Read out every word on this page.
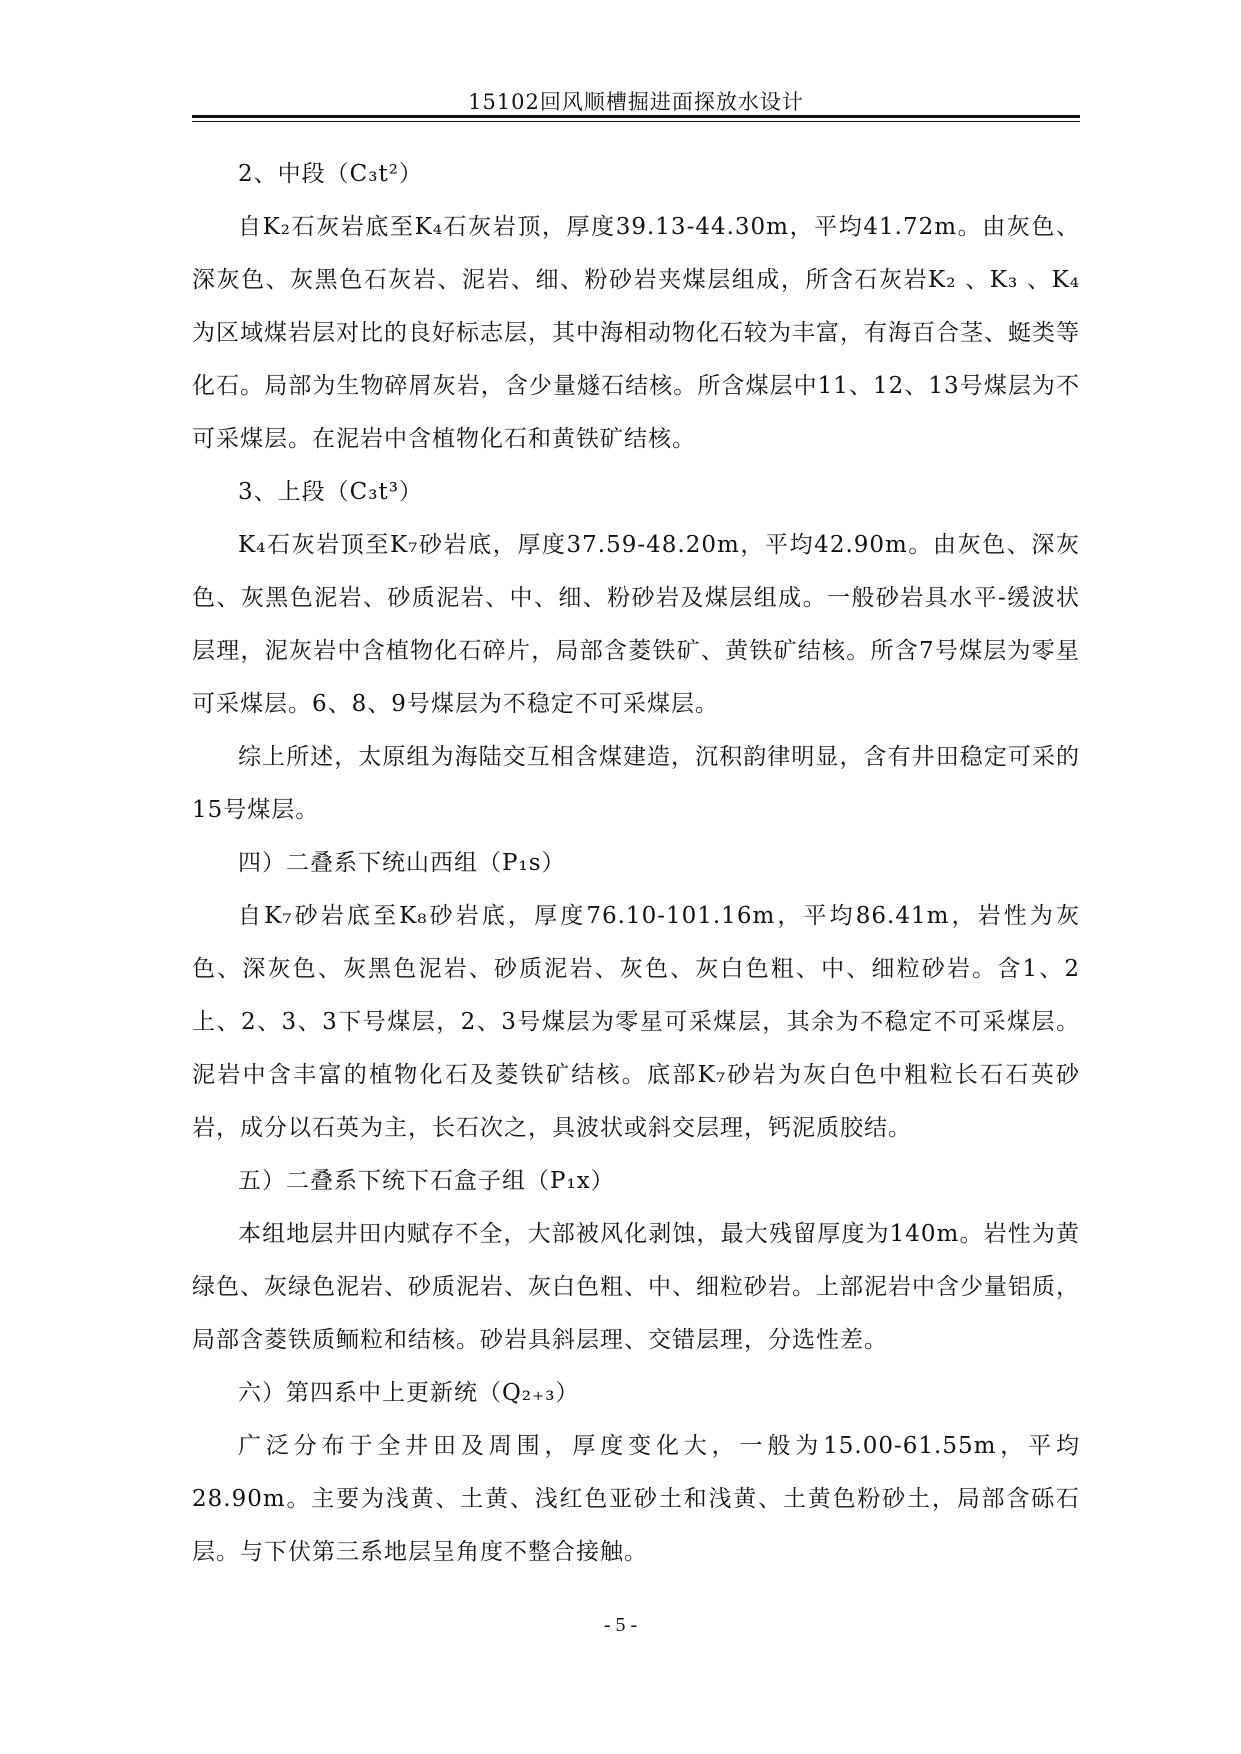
15102回风顺槽掘进面探放水设计

2、中段（C₃t²）

自K₂石灰岩底至K₄石灰岩顶，厚度39.13-44.30m，平均41.72m。由灰色、深灰色、灰黑色石灰岩、泥岩、细、粉砂岩夹煤层组成，所含石灰岩K₂ 、K₃ 、K₄为区域煤岩层对比的良好标志层，其中海相动物化石较为丰富，有海百合茎、蜓类等化石。局部为生物碎屑灰岩，含少量燧石结核。所含煤层中11、12、13号煤层为不可采煤层。在泥岩中含植物化石和黄铁矿结核。

3、上段（C₃t³）

K₄石灰岩顶至K₇砂岩底，厚度37.59-48.20m，平均42.90m。由灰色、深灰色、灰黑色泥岩、砂质泥岩、中、细、粉砂岩及煤层组成。一般砂岩具水平-缓波状层理，泥灰岩中含植物化石碎片，局部含菱铁矿、黄铁矿结核。所含7号煤层为零星可采煤层。6、8、9号煤层为不稳定不可采煤层。

综上所述，太原组为海陆交互相含煤建造，沉积韵律明显，含有井田稳定可采的15号煤层。

四）二叠系下统山西组（P₁s）

自K₇砂岩底至K₈砂岩底，厚度76.10-101.16m，平均86.41m，岩性为灰色、深灰色、灰黑色泥岩、砂质泥岩、灰色、灰白色粗、中、细粒砂岩。含1、2上、2、3、3下号煤层，2、3号煤层为零星可采煤层，其余为不稳定不可采煤层。泥岩中含丰富的植物化石及菱铁矿结核。底部K₇砂岩为灰白色中粗粒长石石英砂岩，成分以石英为主，长石次之，具波状或斜交层理，钙泥质胶结。

五）二叠系下统下石盒子组（P₁x）

本组地层井田内赋存不全，大部被风化剥蚀，最大残留厚度为140m。岩性为黄绿色、灰绿色泥岩、砂质泥岩、灰白色粗、中、细粒砂岩。上部泥岩中含少量铝质，局部含菱铁质鲕粒和结核。砂岩具斜层理、交错层理，分选性差。

六）第四系中上更新统（Q₂₊₃）

广泛分布于全井田及周围，厚度变化大，一般为15.00-61.55m，平均28.90m。主要为浅黄、土黄、浅红色亚砂土和浅黄、土黄色粉砂土，局部含砾石层。与下伏第三系地层呈角度不整合接触。

- 5 -
